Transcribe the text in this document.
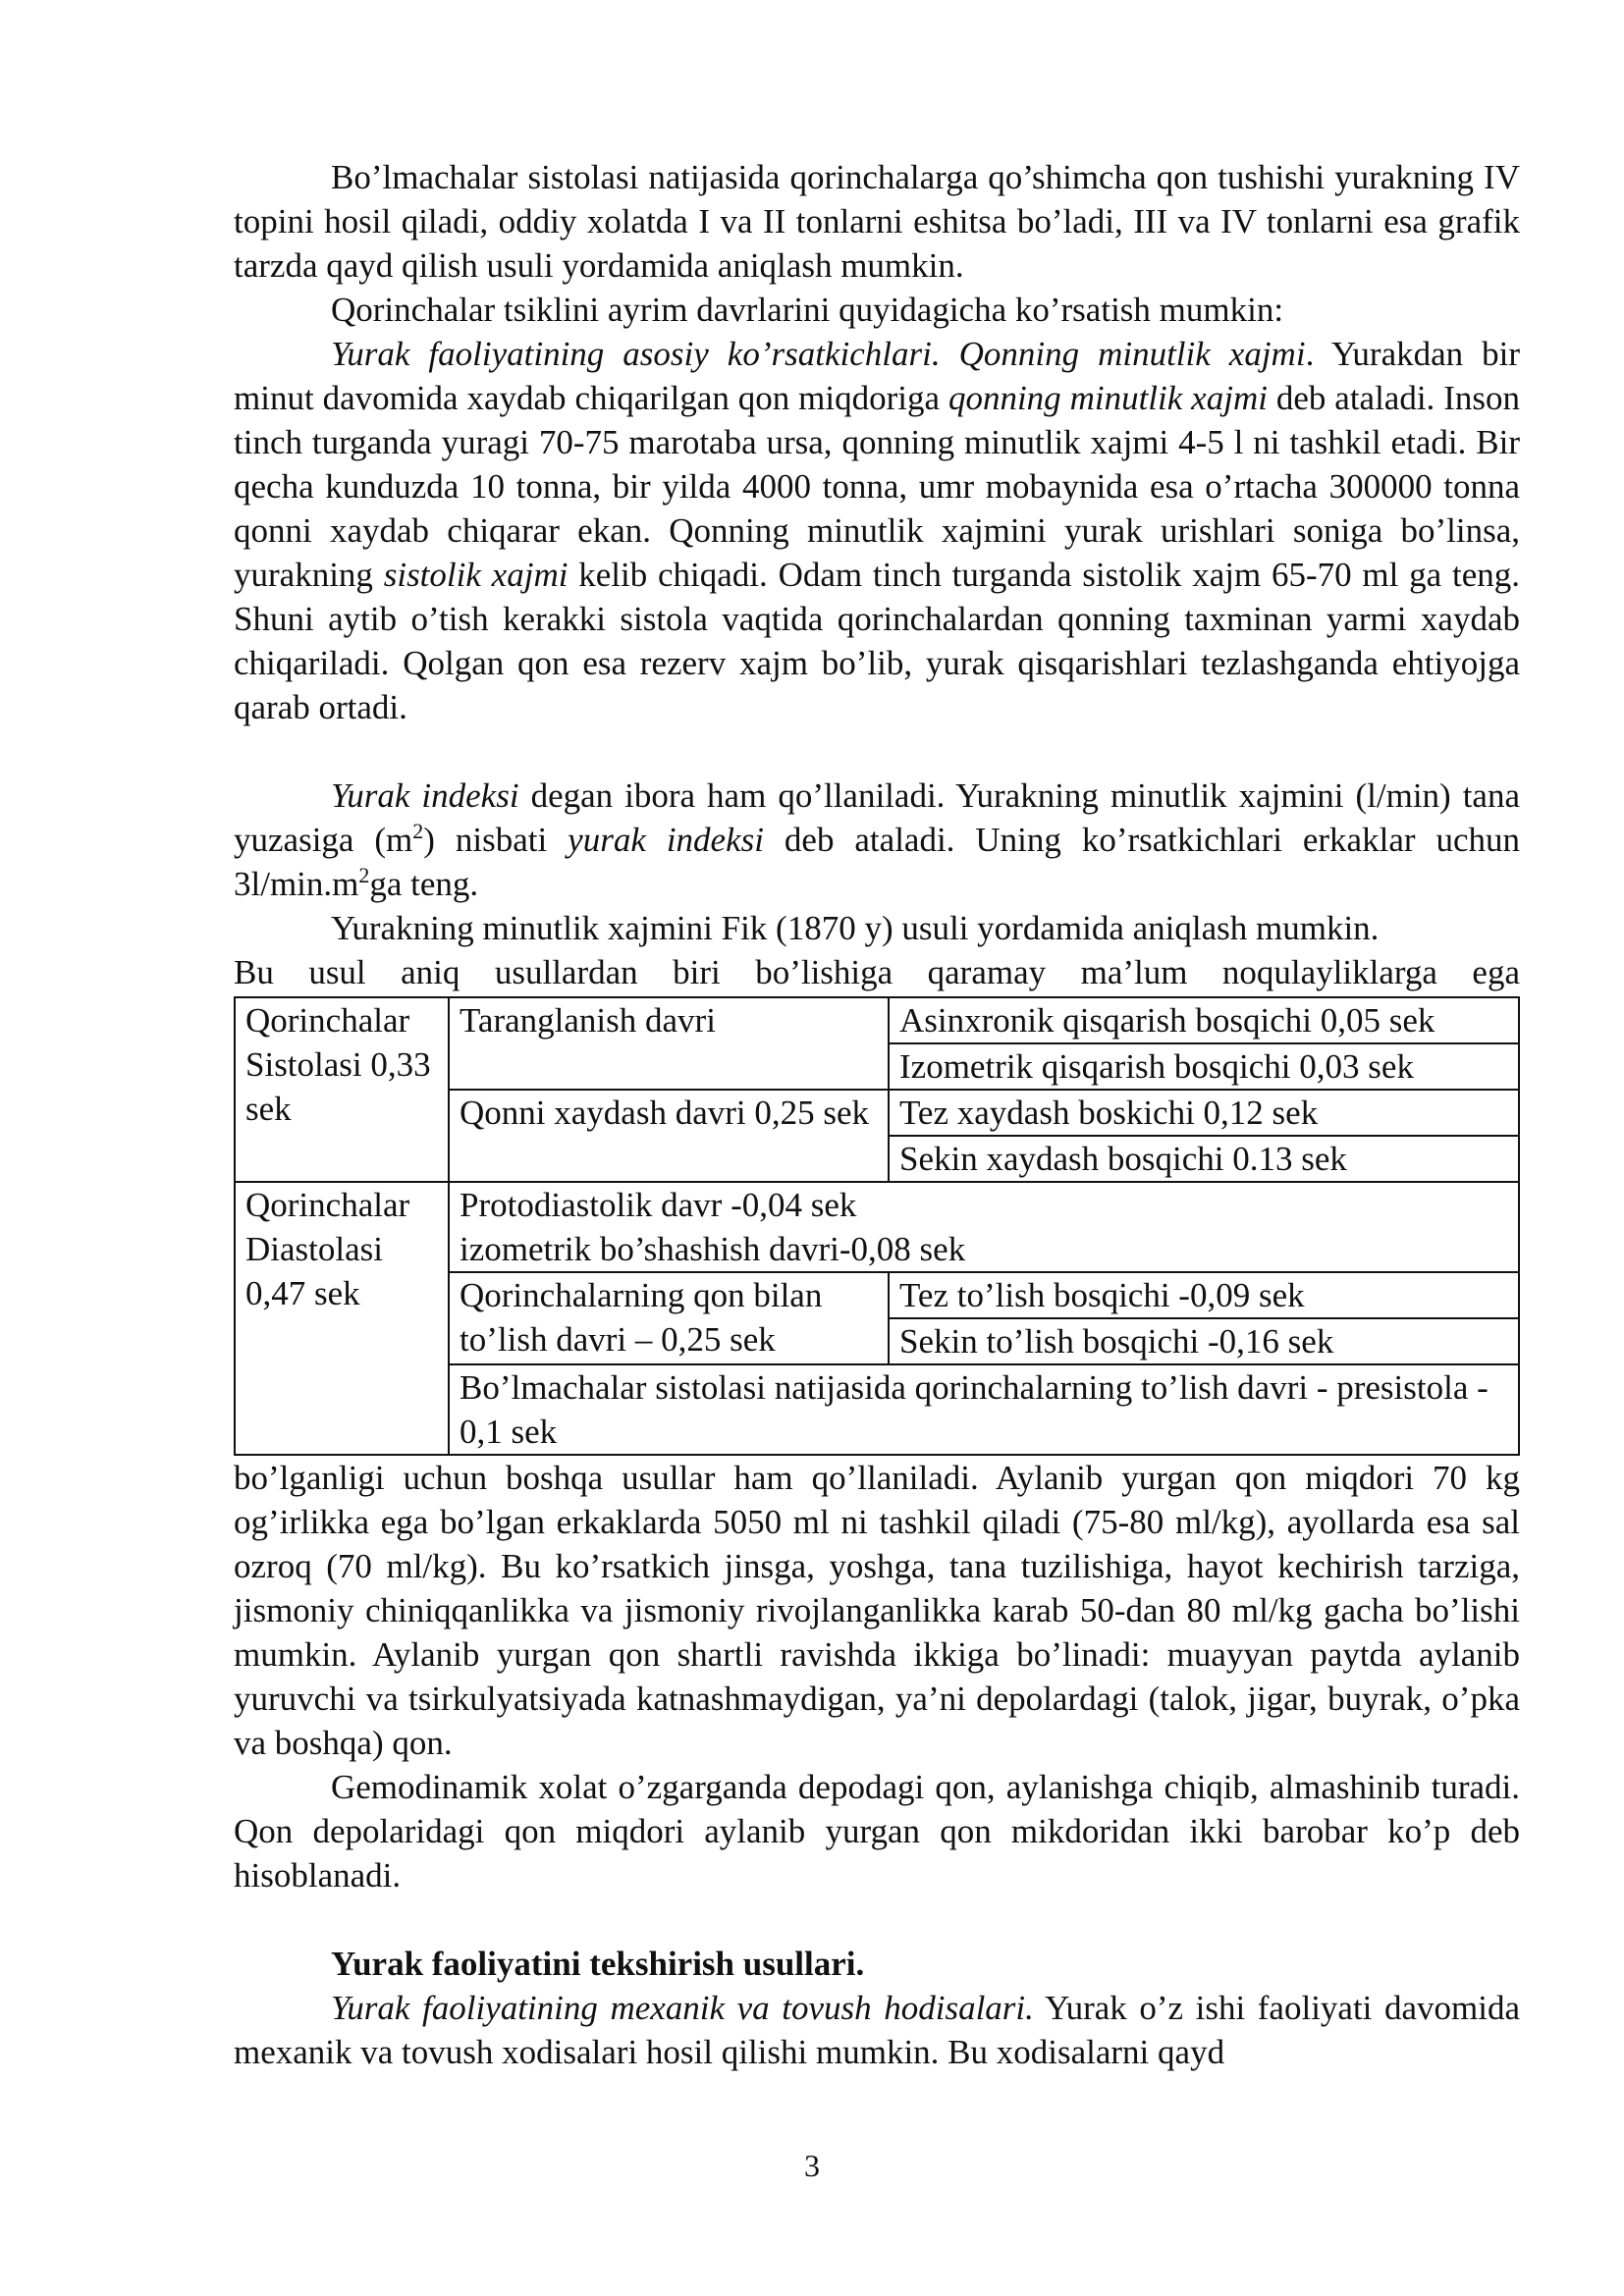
Bo’lmachalar sistolasi natijasida qorinchalarga qo’shimcha qon tushishi yurakning IV topini hosil qiladi, oddiy xolatda I va II tonlarni eshitsa bo’ladi, III va IV tonlarni esa grafik tarzda qayd qilish usuli yordamida aniqlash mumkin.

Qorinchalar tsiklini ayrim davrlarini quyidagicha ko’rsatish mumkin:

Yurak faoliyatining asosiy ko’rsatkichlari. Qonning minutlik xajmi. Yurakdan bir minut davomida xaydab chiqarilgan qon miqdoriga qonning minutlik xajmi deb ataladi. Inson tinch turganda yuragi 70-75 marotaba ursa, qonning minutlik xajmi 4-5 l ni tashkil etadi. Bir qecha kunduzda 10 tonna, bir yilda 4000 tonna, umr mobaynida esa o’rtacha 300000 tonna qonni xaydab chiqarar ekan. Qonning minutlik xajmini yurak urishlari soniga bo’linsa, yurakning sistolik xajmi kelib chiqadi. Odam tinch turganda sistolik xajm 65-70 ml ga teng. Shuni aytib o’tish kerakki sistola vaqtida qorinchalardan qonning taxminan yarmi xaydab chiqariladi. Qolgan qon esa rezerv xajm bo’lib, yurak qisqarishlari tezlashganda ehtiyojga qarab ortadi.

Yurak indeksi degan ibora ham qo’llaniladi. Yurakning minutlik xajmini (l/min) tana yuzasiga $(m^2)$ nisbati yurak indeksi deb ataladi. Uning ko’rsatkichlari erkaklar uchun $3l/\min.m^2ga$ teng.

Yurakning minutlik xajmini Fik (1870 y) usuli yordamida aniqlash mumkin.

Bu usul aniq usullardan biri bo’lishiga qaramay ma’lum noqulayliklarga ega

Qorinchalar Sistolasi 0,33 sek	Taranglanish davri	Asinxronik qisqarish bosqichi 0,05 sek
		Izometrik qisqarish bosqichi 0,03 sek
	Qonni xaydash davri 0,25 sek	Tez xaydash boskichi 0,12 sek
		Sekin xaydash bosqichi 0.13 sek
Qorinchalar Diastolasi 0,47 sek	Protodiastolik davr -0,04 sek
izometrik bo’shashish davri-0,08 sek	

	Qorinchalarning qon bilan to’lish davri – 0,25 sek	Tez to’lish bosqichi -0,09 sek
		Sekin to’lish bosqichi -0,16 sek
	Bo’lmachalar sistolasi natijasida qorinchalarning to’lish davri - presistola - 0,1 sek	

bo’lganligi uchun boshqa usullar ham qo’llaniladi. Aylanib yurgan qon miqdori 70 kg og’irlikka ega bo’lgan erkaklarda 5050 ml ni tashkil qiladi (75-80 ml/kg), ayollarda esa sal ozroq (70 ml/kg). Bu ko’rsatkich jinsga, yoshga, tana tuzilishiga, hayot kechirish tarziga, jismoniy chiniqqanlikka va jismoniy rivojlanganlikka karab 50-dan 80 ml/kg gacha bo’lishi mumkin. Aylanib yurgan qon shartli ravishda ikkiga bo’linadi: muayyan paytda aylanib yuruvchi va tsirkulyatsiyada katnashmaydigan, ya’ni depolardagi (talok, jigar, buyrak, o’pka va boshqa) qon.

Gemodinamik xolat o’zgarganda depodagi qon, aylanishga chiqib, almashinib turadi. Qon depolaridagi qon miqdori aylanib yurgan qon mikdoridan ikki barobar ko’p deb hisoblanadi.

Yurak faoliyatini tekshirish usullari.

Yurak faoliyatining mexanik va tovush hodisalari. Yurak o’z ishi faoliyati davomida mexanik va tovush xodisalari hosil qilishi mumkin. Bu xodisalarni qayd

3
